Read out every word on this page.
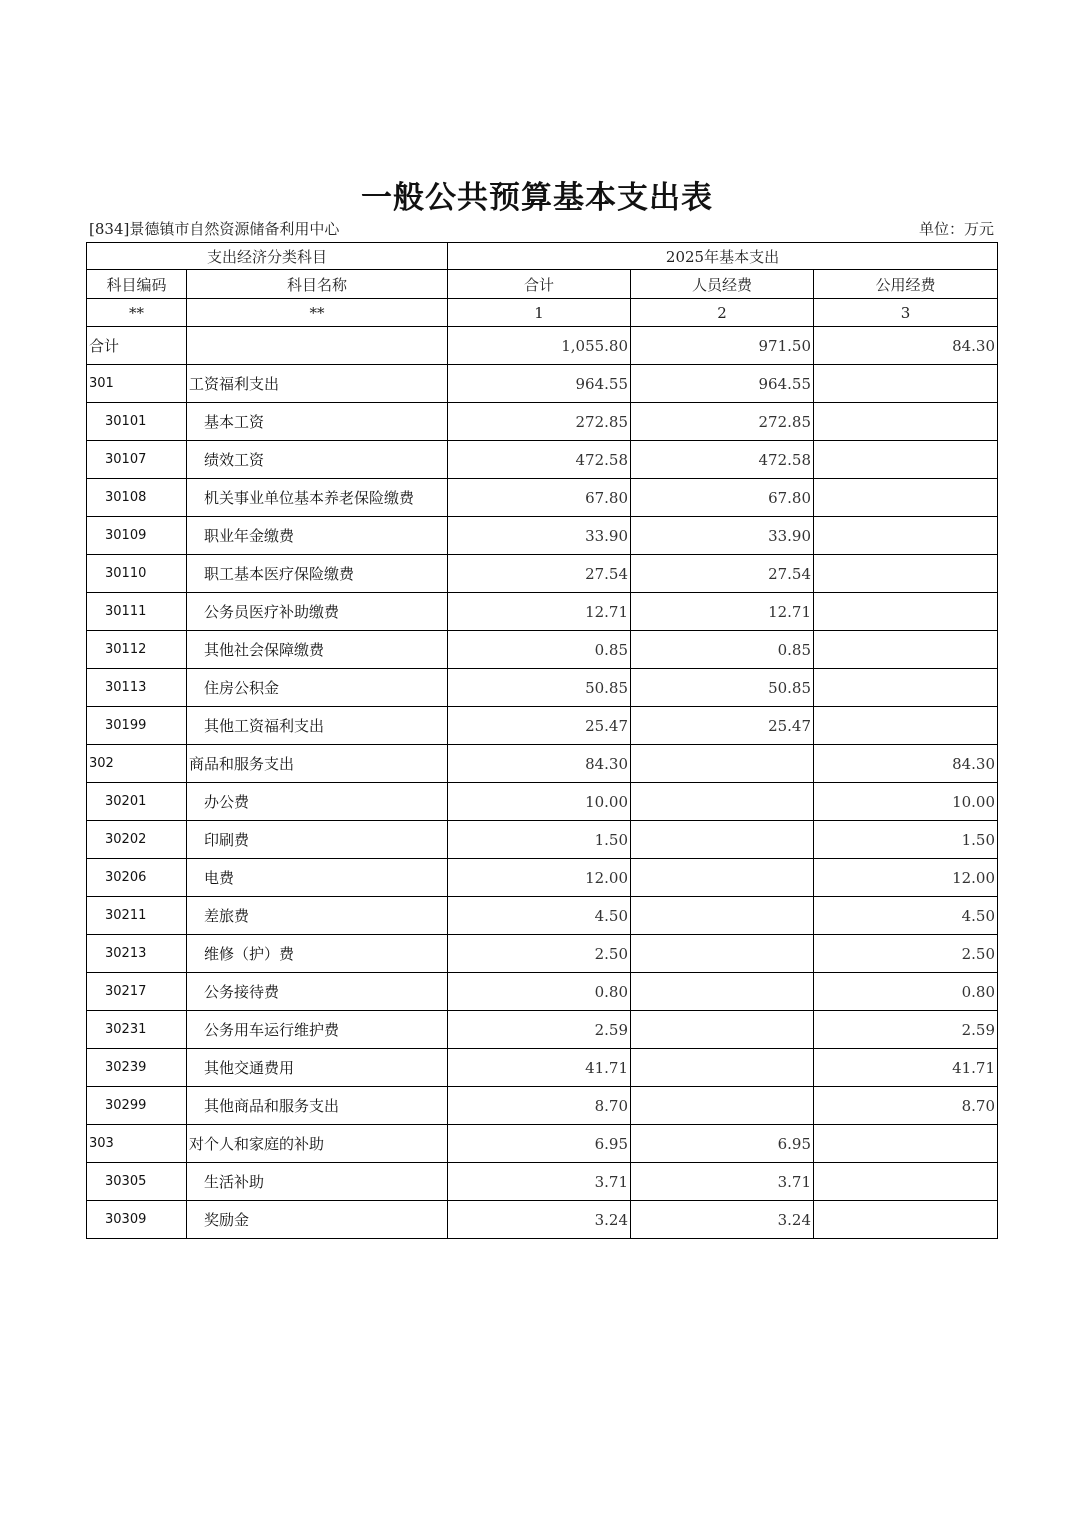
一般公共预算基本支出表
[834]景德镇市自然资源储备利用中心	单位：万元
支出经济分类科目		2025年基本支出		
科目编码	科目名称	合计	人员经费	公用经费
**	**	1	2	3
合计		1,055.80	971.50	84.30
301	工资福利支出	964.55	964.55	
30101	基本工资	272.85	272.85	
30107	绩效工资	472.58	472.58	
30108	机关事业单位基本养老保险缴费	67.80	67.80	
30109	职业年金缴费	33.90	33.90	
30110	职工基本医疗保险缴费	27.54	27.54	
30111	公务员医疗补助缴费	12.71	12.71	
30112	其他社会保障缴费	0.85	0.85	
30113	住房公积金	50.85	50.85	
30199	其他工资福利支出	25.47	25.47	
302	商品和服务支出	84.30		84.30
30201	办公费	10.00		10.00
30202	印刷费	1.50		1.50
30206	电费	12.00		12.00
30211	差旅费	4.50		4.50
30213	维修（护）费	2.50		2.50
30217	公务接待费	0.80		0.80
30231	公务用车运行维护费	2.59		2.59
30239	其他交通费用	41.71		41.71
30299	其他商品和服务支出	8.70		8.70
303	对个人和家庭的补助	6.95	6.95	
30305	生活补助	3.71	3.71	
30309	奖励金	3.24	3.24	
